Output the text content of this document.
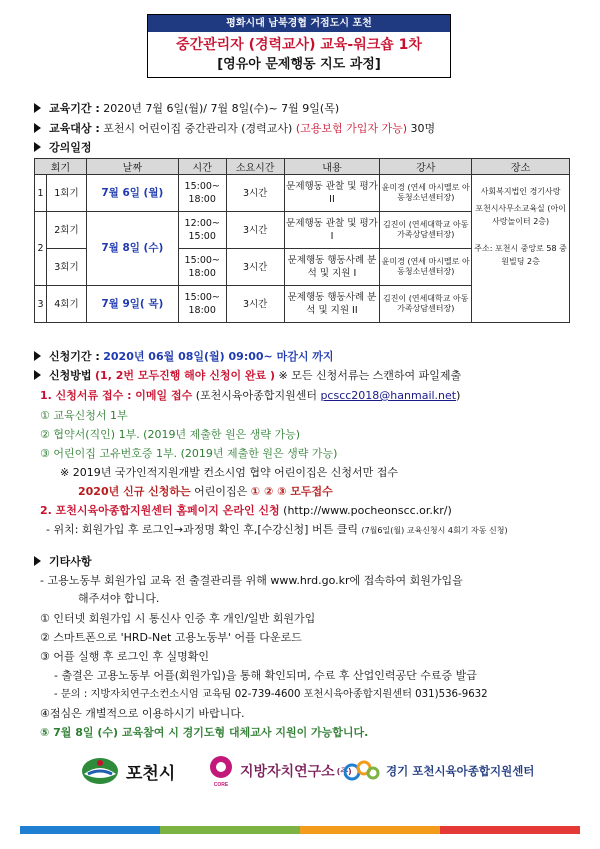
평화시대 남북경협 거점도시 포천
중간관리자 (경력교사) 교육-워크숍 1차
[영유아 문제행동 지도 과정]
교육기간 : 2020년 7월 6일(월)/ 7월 8일(수)~ 7월 9일(목)
교육대상 : 포천시 어린이집 중간관리자 (경력교사) (고용보험 가입자 가능) 30명
강의일정
회기		날짜	시간	소요시간	내용	강사	장소
1	1회기	7월 6일 (월)	15:00~ 18:00	3시간	문제행동 관찰 및 평가 II	윤미경 (연세 마시멜로 아동청소년센터장)	사회복지법인 경기사랑
포천시사무소교육실 (아이사랑놀이터 2층)
주소: 포천시 중앙로 58 중원빌딩 2층

2	2회기	7월 8일 (수)	12:00~ 15:00	3시간	문제행동 관찰 및 평가 I	김진이 (연세대학교 아동가족상담센터장)	
	3회기		15:00~ 18:00	3시간	문제행동 행동사례 분석 및 지원 I	윤미경 (연세 마시멜로 아동청소년센터장)	
3	4회기	7월 9일( 목)	15:00~ 18:00	3시간	문제행동 행동사례 분석 및 지원 II	김진이 (연세대학교 아동가족상담센터장)	
신청기간 : 2020년 06월 08일(월) 09:00~ 마감시 까지
신청방법 (1, 2번 모두진행 해야 신청이 완료 ) ※ 모든 신청서류는 스캔하여 파일제출
1. 신청서류 접수 : 이메일 접수 (포천시육아종합지원센터 pcscc2018@hanmail.net)
① 교육신청서 1부
② 협약서(직인) 1부. (2019년 제출한 원은 생략 가능)
③ 어린이집 고유번호증 1부. (2019년 제출한 원은 생략 가능)
※ 2019년 국가인적지원개발 컨소시엄 협약 어린이집은 신청서만 접수
2020년 신규 신청하는 어린이집은 ① ② ③ 모두접수
2. 포천시육아종합지원센터 홈페이지 온라인 신청 (http://www.pocheonscc.or.kr/)
- 위치: 회원가입 후 로그인→과정명 확인 후,[수강신청] 버튼 클릭 (7월6일(월) 교육신청시 4회기 자동 신청)
기타사항
- 고용노동부 회원가입 교육 전 출결관리를 위해 www.hrd.go.kr에 접속하여 회원가입을
해주셔야 합니다.
① 인터넷 회원가입 시 통신사 인증 후 개인/일반 회원가입
② 스마트폰으로 'HRD-Net 고용노동부' 어플 다운로드
③ 어플 실행 후 로그인 후 실명확인
- 출결은 고용노동부 어플(회원가입)을 통해 확인되며, 수료 후 산업인력공단 수료증 발급
- 문의 : 지방자치연구소컨소시엄 교육팀 02-739-4600 포천시육아종합지원센터 031)536-9632
④점심은 개별적으로 이용하시기 바랍니다.
⑤ 7월 8일 (수) 교육참여 시 경기도형 대체교사 지원이 가능합니다.
포천시
CORE
지방자치연구소 (주)	경기 포천시육아종합지원센터
